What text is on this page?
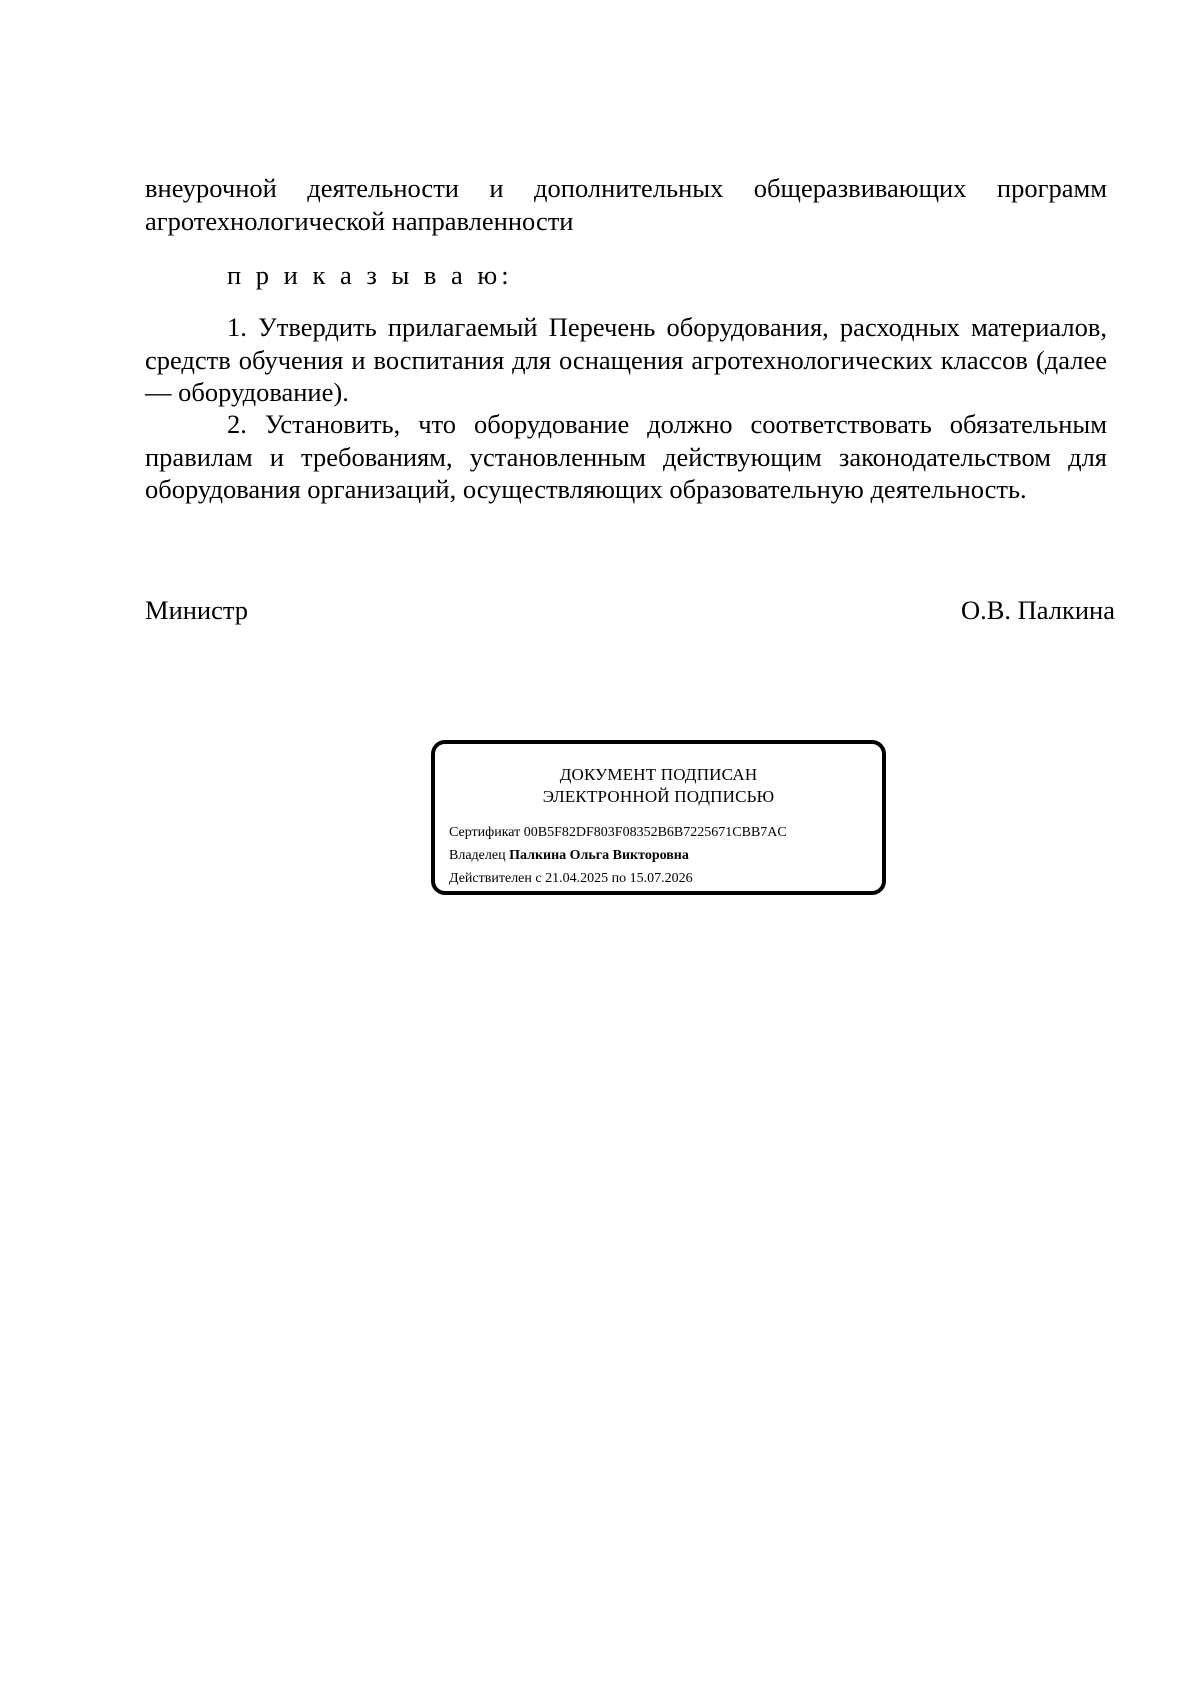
внеурочной деятельности и дополнительных общеразвивающих программ агротехнологической направленности
п р и к а з ы в а ю:
1. Утвердить прилагаемый Перечень оборудования, расходных материалов, средств обучения и воспитания для оснащения агротехнологических классов (далее — оборудование).
2. Установить, что оборудование должно соответствовать обязательным правилам и требованиям, установленным действующим законодательством для оборудования организаций, осуществляющих образовательную деятельность.
Министр	О.В. Палкина
ДОКУМЕНТ ПОДПИСАН
ЭЛЕКТРОННОЙ ПОДПИСЬЮ
Сертификат 00B5F82DF803F08352B6B7225671CBB7AC
Владелец Палкина Ольга Викторовна
Действителен с 21.04.2025 по 15.07.2026
